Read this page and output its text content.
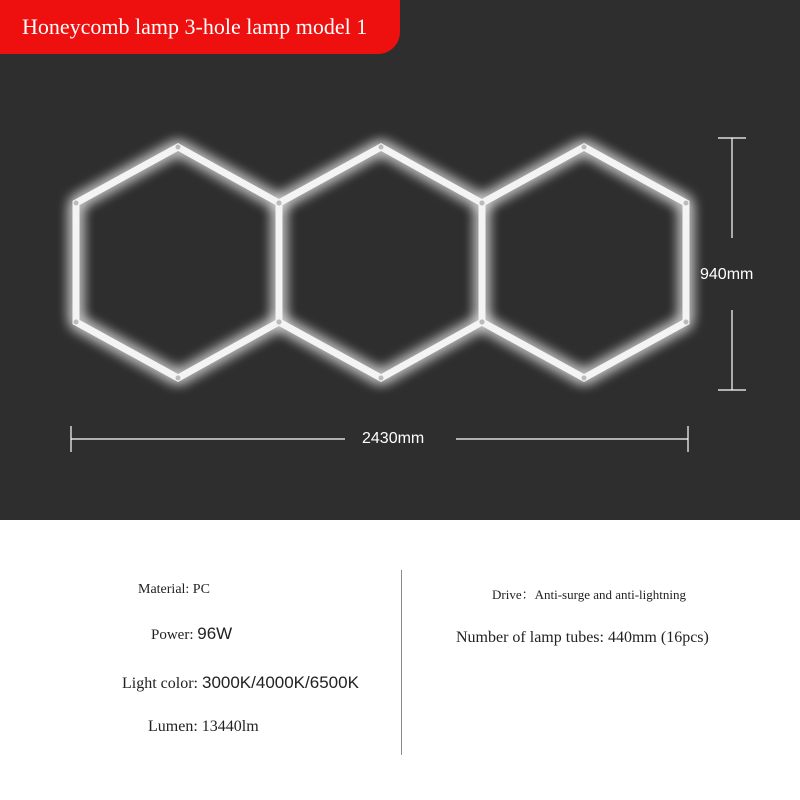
Honeycomb lamp 3-hole lamp model 1
940mm
2430mm
Material: PC
Power: 96W
Light color: 3000K/4000K/6500K
Lumen: 13440lm
Drive：Anti-surge and anti-lightning
Number of lamp tubes: 440mm (16pcs)
